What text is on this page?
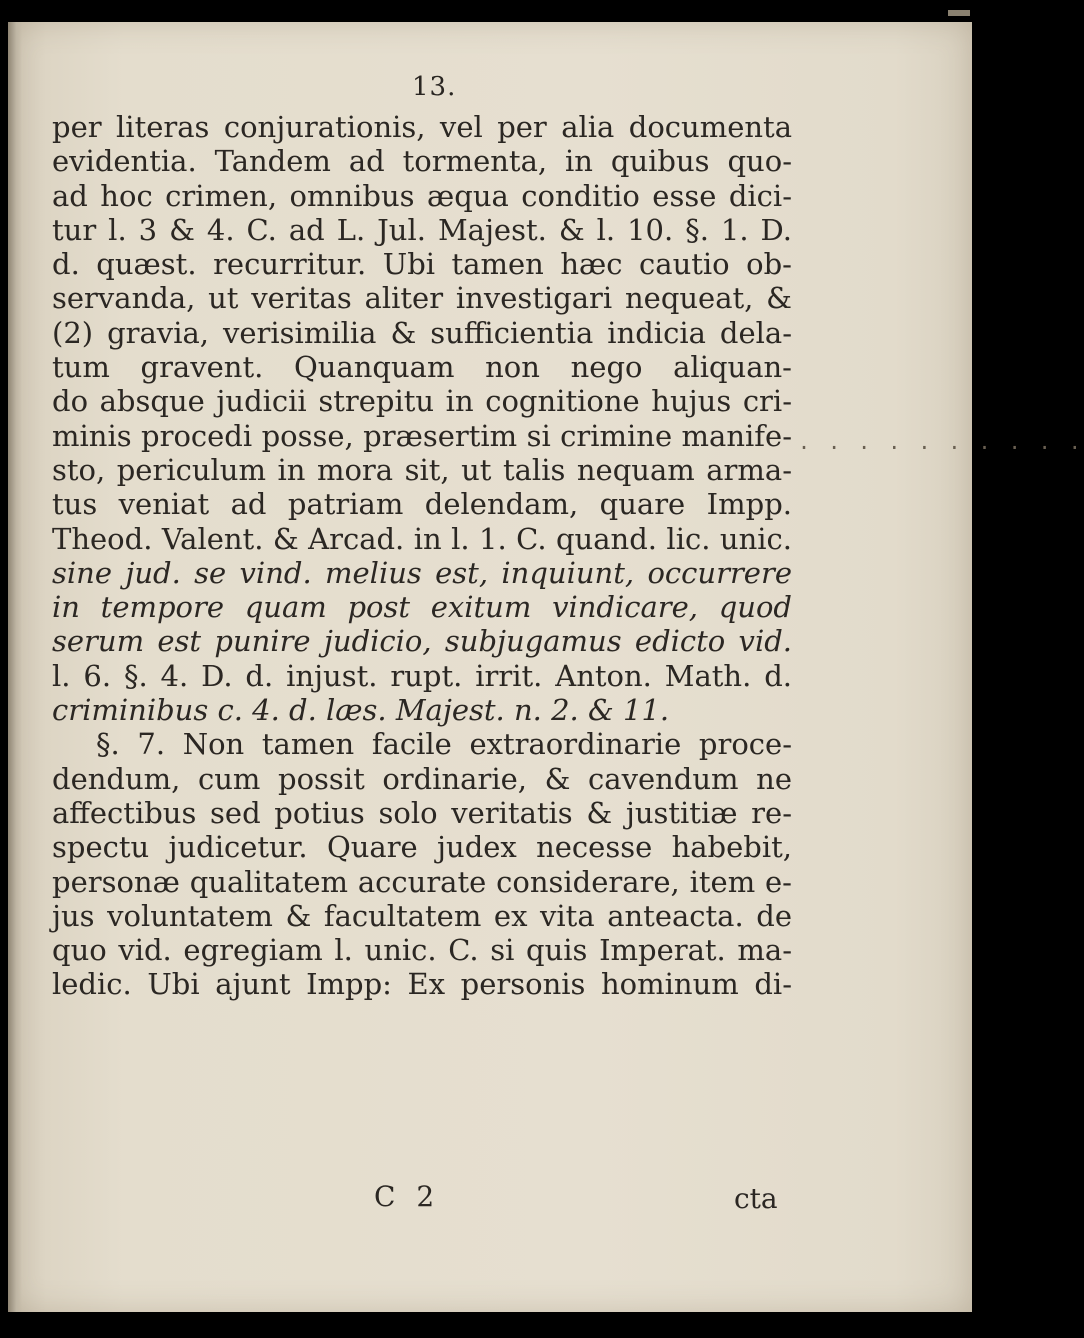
13.
per literas conjurationis, vel per alia documenta
evidentia. Tandem ad tormenta, in quibus quo-
ad hoc crimen, omnibus æqua conditio esse dici-
tur l. 3 & 4. C. ad L. Jul. Majest. & l. 10. §. 1. D.
d. quæst. recurritur. Ubi tamen hæc cautio ob-
servanda, ut veritas aliter investigari nequeat, &
(2) gravia, verisimilia & sufficientia indicia dela-
tum gravent. Quanquam non nego aliquan-
do absque judicii strepitu in cognitione hujus cri-
minis procedi posse, præsertim si crimine manife-
sto, periculum in mora sit, ut talis nequam arma-
tus veniat ad patriam delendam, quare Impp.
Theod. Valent. & Arcad. in l. 1. C. quand. lic. unic.
sine jud. se vind. melius est, inquiunt, occurrere
in tempore quam post exitum vindicare, quod
serum est punire judicio, subjugamus edicto vid.
l. 6. §. 4. D. d. injust. rupt. irrit. Anton. Math. d.
criminibus c. 4. d. læs. Majest. n. 2. & 11.
§. 7. Non tamen facile extraordinarie proce-
dendum, cum possit ordinarie, & cavendum ne
affectibus sed potius solo veritatis & justitiæ re-
spectu judicetur. Quare judex necesse habebit,
personæ qualitatem accurate considerare, item e-
jus voluntatem & facultatem ex vita anteacta. de
quo vid. egregiam l. unic. C. si quis Imperat. ma-
ledic. Ubi ajunt Impp: Ex personis hominum di-
C 2	cta
. . . . . . . . . .
